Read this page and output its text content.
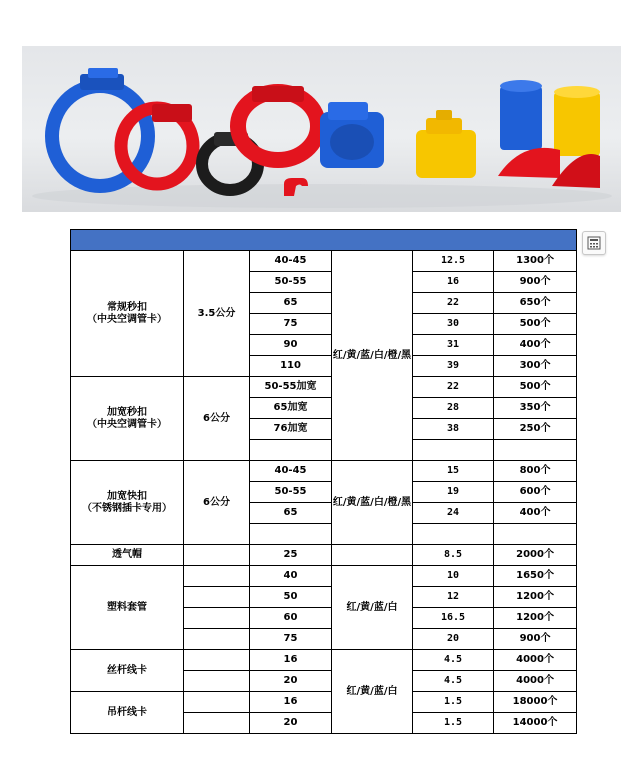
常规秒扣
（中央空调管卡）	3.5公分	40-45	红/黄/蓝/白/橙/黑	12.5	1300个
		50-55		16	900个
		65		22	650个
		75		30	500个
		90		31	400个
		110		39	300个

加宽秒扣
（中央空调管卡）	6公分	50-55加宽		22	500个
		65加宽		28	350个
		76加宽		38	250个

加宽快扣
（不锈钢插卡专用）	6公分	40-45	红/黄/蓝/白/橙/黑	15	800个
		50-55		19	600个
		65		24	400个

透气帽		25		8.5	2000个
塑料套管		40	红/黄/蓝/白	10	1650个
		50		12	1200个
		60		16.5	1200个
		75		20	900个
丝杆线卡		16	红/黄/蓝/白	4.5	4000个
		20		4.5	4000个
吊杆线卡		16		1.5	18000个
		20		1.5	14000个
